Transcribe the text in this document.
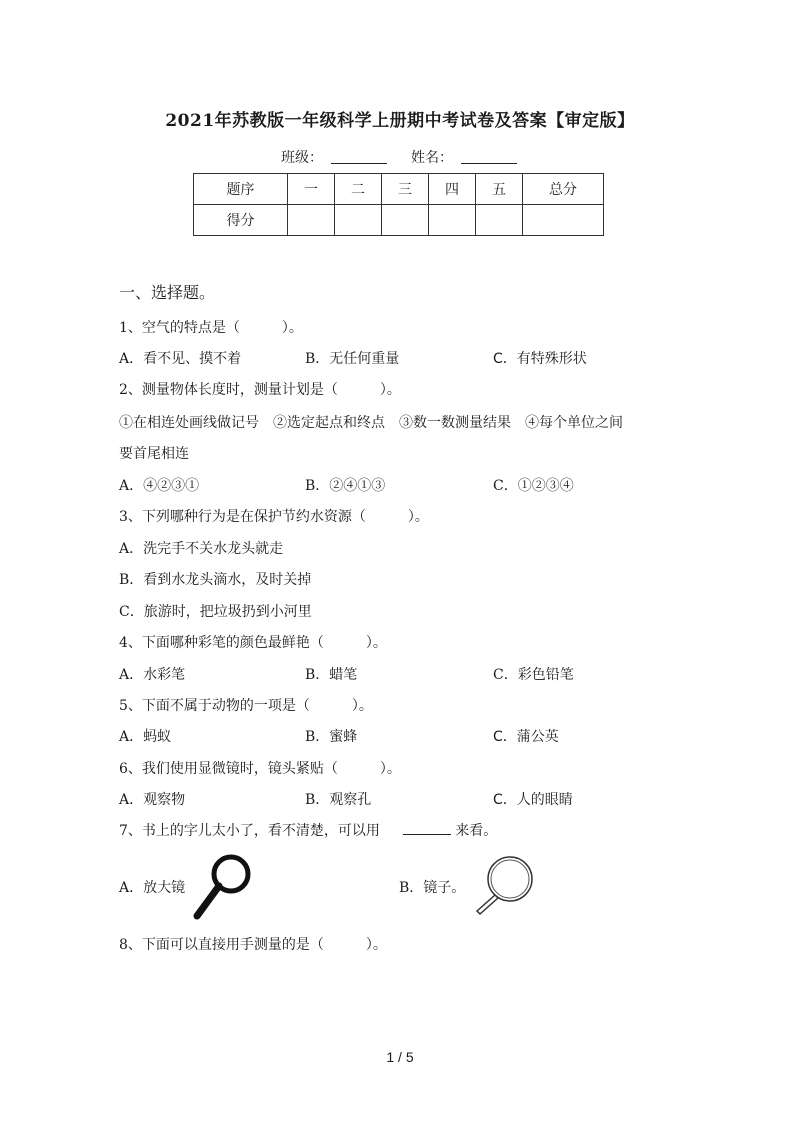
2021年苏教版一年级科学上册期中考试卷及答案【审定版】
班级：	姓名：
题序	一	二	三	四	五	总分
得分						
一、选择题。
1、空气的特点是（　　　）。
A．看不见、摸不着	B．无任何重量	C．有特殊形状
2、测量物体长度时，测量计划是（　　　）。
①在相连处画线做记号　②选定起点和终点　③数一数测量结果　④每个单位之间
要首尾相连
A．④②③①	B．②④①③	C．①②③④
3、下列哪种行为是在保护节约水资源（　　　）。
A．洗完手不关水龙头就走
B．看到水龙头滴水，及时关掉
C．旅游时，把垃圾扔到小河里
4、下面哪种彩笔的颜色最鲜艳（　　　）。
A．水彩笔	B．蜡笔	C．彩色铅笔
5、下面不属于动物的一项是（　　　）。
A．蚂蚁	B．蜜蜂	C．蒲公英
6、我们使用显微镜时，镜头紧贴（　　　）。
A．观察物	B．观察孔	C．人的眼睛
7、书上的字儿太小了，看不清楚，可以用	来看。
A．放大镜	B．镜子。
8、下面可以直接用手测量的是（　　　）。
1 / 5
